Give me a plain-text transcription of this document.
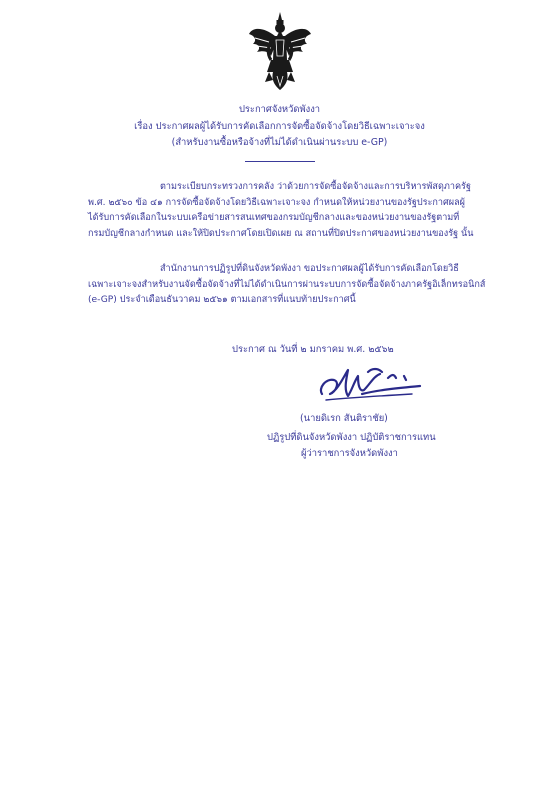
ประกาศจังหวัดพังงา
เรื่อง ประกาศผลผู้ได้รับการคัดเลือกการจัดซื้อจัดจ้างโดยวิธีเฉพาะเจาะจง
(สำหรับงานซื้อหรือจ้างที่ไม่ได้ดำเนินผ่านระบบ e-GP)
ตามระเบียบกระทรวงการคลัง ว่าด้วยการจัดซื้อจัดจ้างและการบริหารพัสดุภาครัฐ
พ.ศ. ๒๕๖๐ ข้อ ๔๑ การจัดซื้อจัดจ้างโดยวิธีเฉพาะเจาะจง กำหนดให้หน่วยงานของรัฐประกาศผลผู้
ได้รับการคัดเลือกในระบบเครือข่ายสารสนเทศของกรมบัญชีกลางและของหน่วยงานของรัฐตามที่
กรมบัญชีกลางกำหนด และให้ปิดประกาศโดยเปิดเผย ณ สถานที่ปิดประกาศของหน่วยงานของรัฐ นั้น
สำนักงานการปฏิรูปที่ดินจังหวัดพังงา ขอประกาศผลผู้ได้รับการคัดเลือกโดยวิธี
เฉพาะเจาะจงสำหรับงานจัดซื้อจัดจ้างที่ไม่ได้ดำเนินการผ่านระบบการจัดซื้อจัดจ้างภาครัฐอิเล็กทรอนิกส์
(e-GP) ประจำเดือนธันวาคม ๒๕๖๑ ตามเอกสารที่แนบท้ายประกาศนี้
ประกาศ ณ วันที่ ๒ มกราคม พ.ศ. ๒๕๖๒
(นายดิเรก สันติราชัย)
ปฏิรูปที่ดินจังหวัดพังงา ปฏิบัติราชการแทน
ผู้ว่าราชการจังหวัดพังงา
